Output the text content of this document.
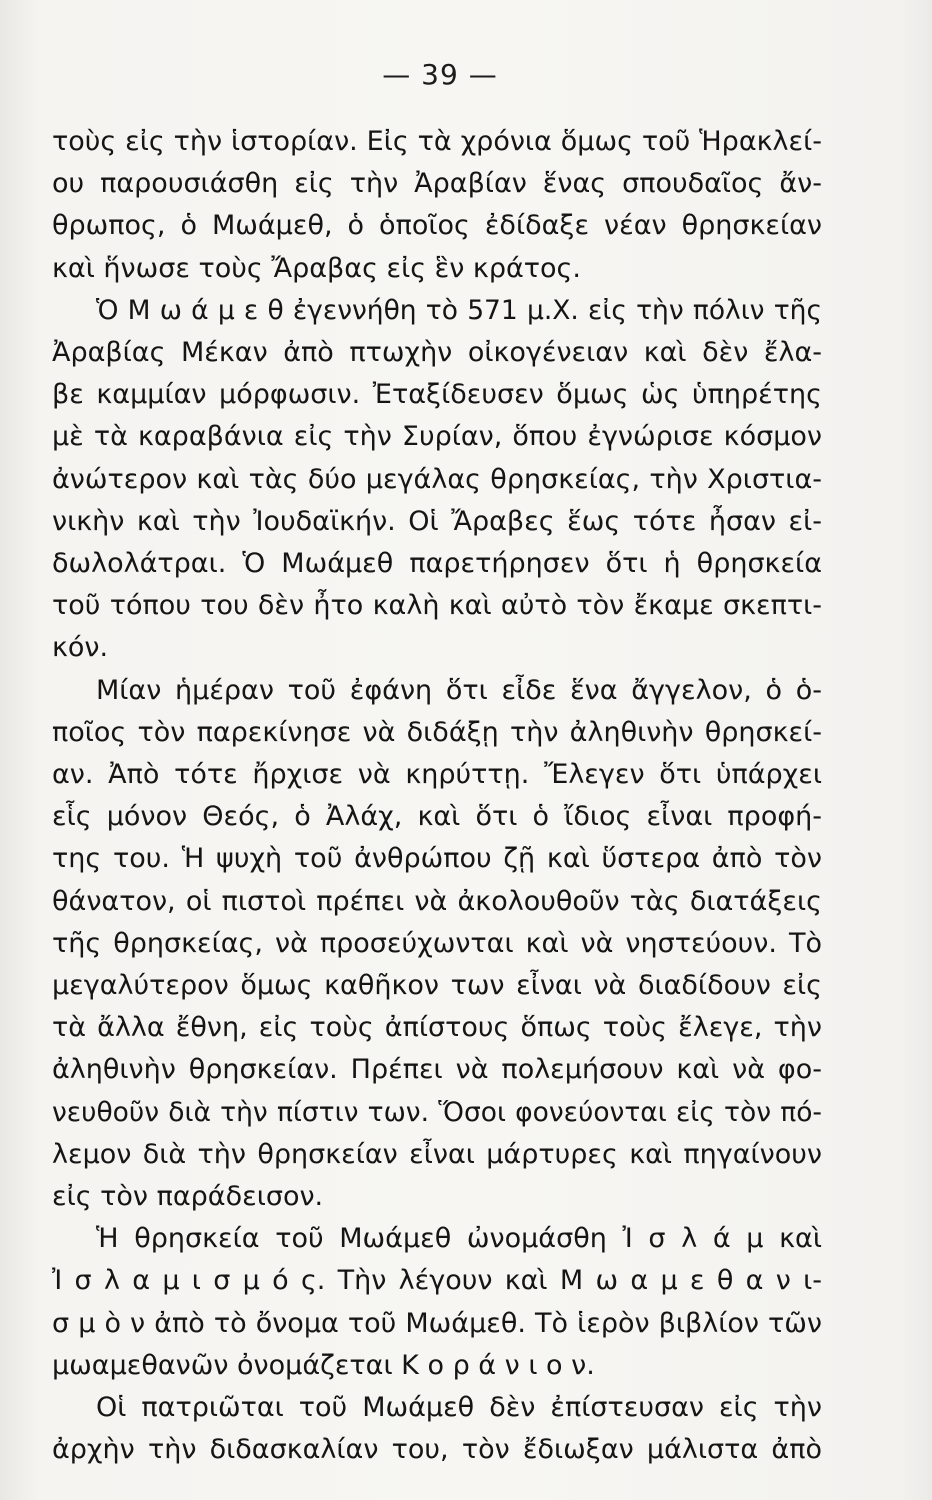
— 39 —
τοὺς εἰς τὴν ἱστορίαν. Εἰς τὰ χρόνια ὅμως τοῦ Ἡρακλεί-
ου παρουσιάσθη εἰς τὴν Ἀραβίαν ἕνας σπουδαῖος ἄν-
θρωπος, ὁ Μωάμεθ, ὁ ὁποῖος ἐδίδαξε νέαν θρησκείαν
καὶ ἥνωσε τοὺς Ἄραβας εἰς ἓν κράτος.
Ὁ Μ ω ά μ ε θ ἐγεννήθη τὸ 571 μ.Χ. εἰς τὴν πόλιν τῆς
Ἀραβίας Μέκαν ἀπὸ πτωχὴν οἰκογένειαν καὶ δὲν ἔλα-
βε καμμίαν μόρφωσιν. Ἐταξίδευσεν ὅμως ὡς ὑπηρέτης
μὲ τὰ καραβάνια εἰς τὴν Συρίαν, ὅπου ἐγνώρισε κόσμον
ἀνώτερον καὶ τὰς δύο μεγάλας θρησκείας, τὴν Χριστια-
νικὴν καὶ τὴν Ἰουδαϊκήν. Οἱ Ἄραβες ἕως τότε ἦσαν εἰ-
δωλολάτραι. Ὁ Μωάμεθ παρετήρησεν ὅτι ἡ θρησκεία
τοῦ τόπου του δὲν ἦτο καλὴ καὶ αὐτὸ τὸν ἔκαμε σκεπτι-
κόν.
Μίαν ἡμέραν τοῦ ἐφάνη ὅτι εἶδε ἕνα ἄγγελον, ὁ ὁ-
ποῖος τὸν παρεκίνησε νὰ διδάξῃ τὴν ἀληθινὴν θρησκεί-
αν. Ἀπὸ τότε ἤρχισε νὰ κηρύττῃ. Ἔλεγεν ὅτι ὑπάρχει
εἷς μόνον Θεός, ὁ Ἀλάχ, καὶ ὅτι ὁ ἴδιος εἶναι προφή-
της του. Ἡ ψυχὴ τοῦ ἀνθρώπου ζῇ καὶ ὕστερα ἀπὸ τὸν
θάνατον, οἱ πιστοὶ πρέπει νὰ ἀκολουθοῦν τὰς διατάξεις
τῆς θρησκείας, νὰ προσεύχωνται καὶ νὰ νηστεύουν. Τὸ
μεγαλύτερον ὅμως καθῆκον των εἶναι νὰ διαδίδουν εἰς
τὰ ἄλλα ἔθνη, εἰς τοὺς ἀπίστους ὅπως τοὺς ἔλεγε, τὴν
ἀληθινὴν θρησκείαν. Πρέπει νὰ πολεμήσουν καὶ νὰ φο-
νευθοῦν διὰ τὴν πίστιν των. Ὅσοι φονεύονται εἰς τὸν πό-
λεμον διὰ τὴν θρησκείαν εἶναι μάρτυρες καὶ πηγαίνουν
εἰς τὸν παράδεισον.
Ἡ θρησκεία τοῦ Μωάμεθ ὠνομάσθη Ἰ σ λ ά μ καὶ
Ἰ σ λ α μ ι σ μ ό ς. Τὴν λέγουν καὶ Μ ω α μ ε θ α ν ι-
σ μ ὸ ν ἀπὸ τὸ ὄνομα τοῦ Μωάμεθ. Τὸ ἱερὸν βιβλίον τῶν
μωαμεθανῶν ὀνομάζεται Κ ο ρ ά ν ι ο ν.
Οἱ πατριῶται τοῦ Μωάμεθ δὲν ἐπίστευσαν εἰς τὴν
ἀρχὴν τὴν διδασκαλίαν του, τὸν ἔδιωξαν μάλιστα ἀπὸ
